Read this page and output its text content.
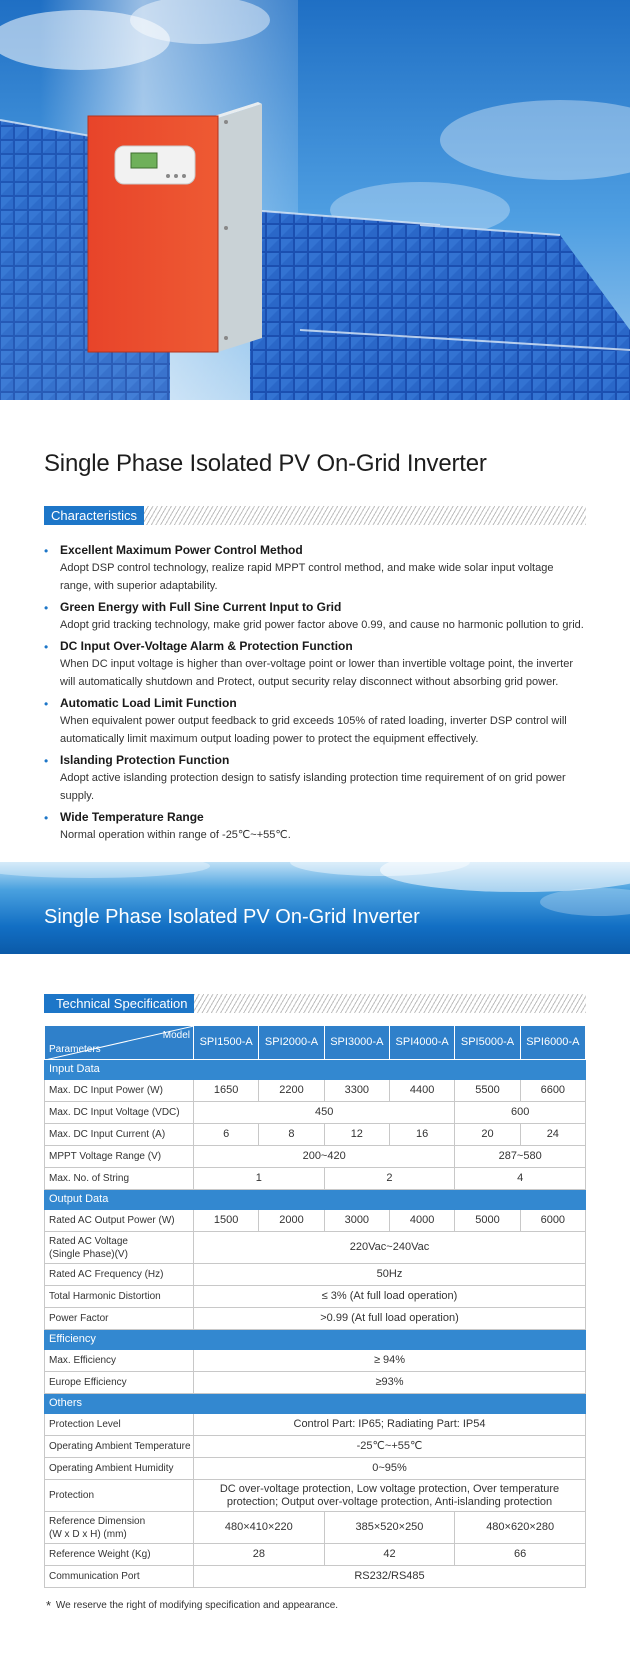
Single Phase Isolated PV On-Grid Inverter
Characteristics
• Excellent Maximum Power Control Method
Adopt DSP control technology, realize rapid MPPT control method, and make wide solar input voltage range, with superior adaptability.
• Green Energy with Full Sine Current Input to Grid
Adopt grid tracking technology, make grid power factor above 0.99, and cause no harmonic pollution to grid.
• DC Input Over-Voltage Alarm & Protection Function
When DC input voltage is higher than over-voltage point or lower than invertible voltage point, the inverter will automatically shutdown and Protect, output security relay disconnect without absorbing grid power.
• Automatic Load Limit Function
When equivalent power output feedback to grid exceeds 105% of rated loading, inverter DSP control will automatically limit maximum output loading power to protect the equipment effectively.
• Islanding Protection Function
Adopt active islanding protection design to satisfy islanding protection time requirement of on grid power supply.
• Wide Temperature Range
Normal operation within range of -25℃~+55℃.
Single Phase Isolated PV On-Grid Inverter
Technical Specification
Model
Parameters	SPI1500-A	SPI2000-A	SPI3000-A	SPI4000-A	SPI5000-A	SPI6000-A
Input Data						
Max. DC Input Power (W)	1650	2200	3300	4400	5500	6600
Max. DC Input Voltage (VDC)	450				600	
Max. DC Input Current (A)	6	8	12	16	20	24
MPPT Voltage Range (V)	200~420				287~580	
Max. No. of String	1		2		4	
Output Data						
Rated AC Output Power (W)	1500	2000	3000	4000	5000	6000

Rated AC Voltage
(Single Phase)(V)	220Vac~240Vac					
Rated AC Frequency (Hz)	50Hz					
Total Harmonic Distortion	≤ 3% (At full load operation)					
Power Factor	>0.99 (At full load operation)					
Efficiency						
Max. Efficiency	≥ 94%					
Europe Efficiency	≥93%					
Others						
Protection Level	Control Part: IP65; Radiating Part: IP54					
Operating Ambient Temperature	-25℃~+55℃					
Operating Ambient Humidity	0~95%					
Protection	DC over-voltage protection, Low voltage protection, Over temperature
protection; Output over-voltage protection, Anti-islanding protection					

Reference Dimension
(W x D x H) (mm)	480×410×220		385×520×250		480×620×280	
Reference Weight (Kg)	28		42		66	
Communication Port	RS232/RS485					
* We reserve the right of modifying specification and appearance.
